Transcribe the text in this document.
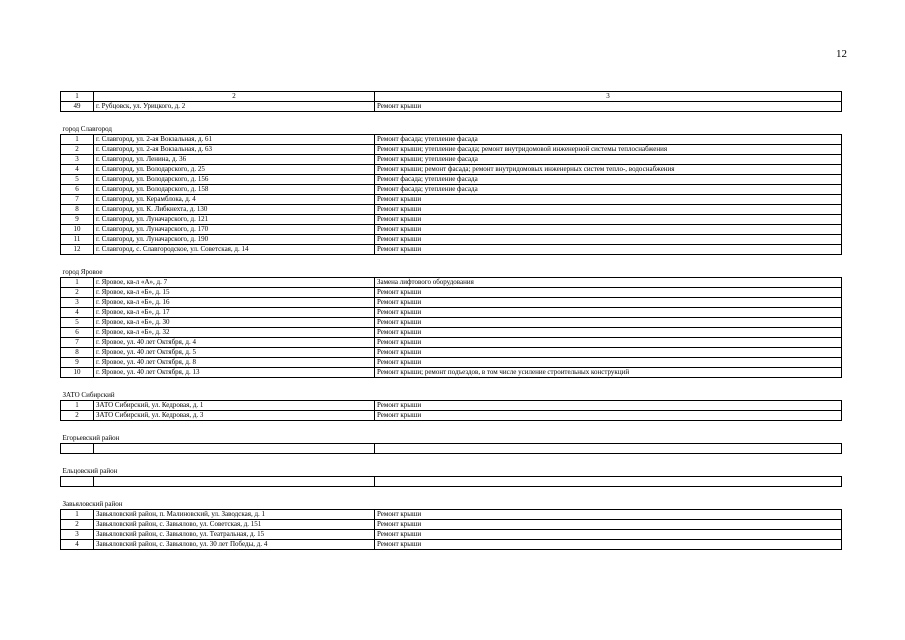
12
1	2	3
49	г. Рубцовск, ул. Урицкого, д. 2	Ремонт крыши
город Славгород		
1	г. Славгород, ул. 2-ая Вокзальная, д. 61	Ремонт фасада; утепление фасада
2	г. Славгород, ул. 2-ая Вокзальная, д. 63	Ремонт крыши; утепление фасада; ремонт внутридомовой инженерной системы теплоснабжения
3	г. Славгород, ул. Ленина, д. 36	Ремонт крыши; утепление фасада
4	г. Славгород, ул. Володарского, д. 25	Ремонт крыши; ремонт фасада; ремонт внутридомовых инженерных систем тепло-, водоснабжения
5	г. Славгород, ул. Володарского, д. 156	Ремонт фасада; утепление фасада
6	г. Славгород, ул. Володарского, д. 158	Ремонт фасада; утепление фасада
7	г. Славгород, ул. Керамблока, д. 4	Ремонт крыши
8	г. Славгород, ул. К. Либкнехта, д. 130	Ремонт крыши
9	г. Славгород, ул. Луначарского, д. 121	Ремонт крыши
10	г. Славгород, ул. Луначарского, д. 170	Ремонт крыши
11	г. Славгород, ул. Луначарского, д. 190	Ремонт крыши
12	г. Славгород, с. Славгородское, ул. Советская, д. 14	Ремонт крыши
город Яровое		
1	г. Яровое, кв-л «А», д. 7	Замена лифтового оборудования
2	г. Яровое, кв-л «Б», д. 15	Ремонт крыши
3	г. Яровое, кв-л «Б», д. 16	Ремонт крыши
4	г. Яровое, кв-л «Б», д. 17	Ремонт крыши
5	г. Яровое, кв-л «Б», д. 30	Ремонт крыши
6	г. Яровое, кв-л «Б», д. 32	Ремонт крыши
7	г. Яровое, ул. 40 лет Октября, д. 4	Ремонт крыши
8	г. Яровое, ул. 40 лет Октября, д. 5	Ремонт крыши
9	г. Яровое, ул. 40 лет Октября, д. 8	Ремонт крыши
10	г. Яровое, ул. 40 лет Октября, д. 13	Ремонт крыши; ремонт подъездов, в том числе усиление строительных конструкций
ЗАТО Сибирский		
1	ЗАТО Сибирский, ул. Кедровая, д. 1	Ремонт крыши
2	ЗАТО Сибирский, ул. Кедровая, д. 3	Ремонт крыши
Егорьевский район		

Ельцовский район		

Завьяловский район		
1	Завьяловский район, п. Малиновский, ул. Заводская, д. 1	Ремонт крыши
2	Завьяловский район, с. Завьялово, ул. Советская, д. 151	Ремонт крыши
3	Завьяловский район, с. Завьялово, ул. Театральная, д. 15	Ремонт крыши
4	Завьяловский район, с. Завьялово, ул. 30 лет Победы, д. 4	Ремонт крыши
